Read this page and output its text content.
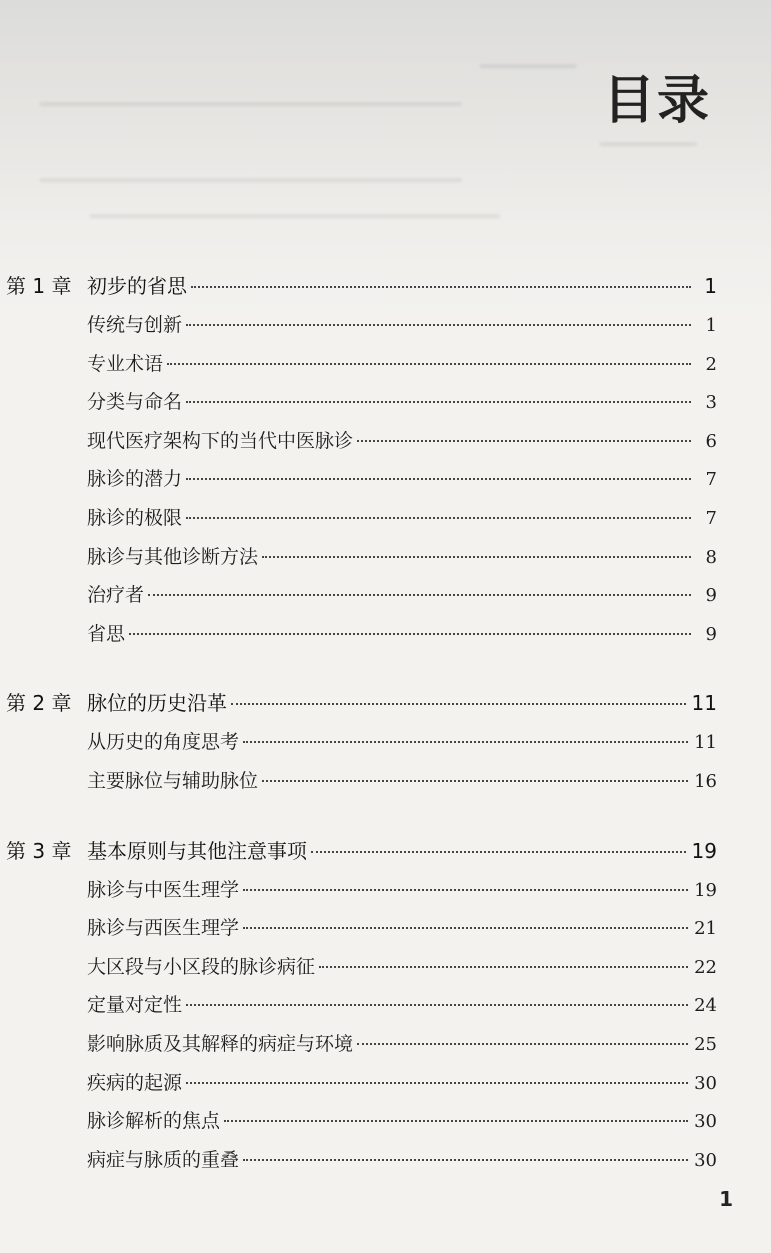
━━━━━━━━
━━━━━━━━━━━━━━━━━━━━━━━━━━━━━━━━━━━
━━━━━━━━
━━━━━━━━━━━━━━━━━━━━━━━━━━━━━━━━━━━
━━━━━━━━━━━━━━━━━━━━━━━━━━━━━━━━━━
目录
第 1 章 初步的省思	1
传统与创新	1
专业术语	2
分类与命名	3
现代医疗架构下的当代中医脉诊	6
脉诊的潜力	7
脉诊的极限	7
脉诊与其他诊断方法	8
治疗者	9
省思	9
第 2 章 脉位的历史沿革	11
从历史的角度思考	11
主要脉位与辅助脉位	16
第 3 章 基本原则与其他注意事项	19
脉诊与中医生理学	19
脉诊与西医生理学	21
大区段与小区段的脉诊病征	22
定量对定性	24
影响脉质及其解释的病症与环境	25
疾病的起源	30
脉诊解析的焦点	30
病症与脉质的重叠	30
1
